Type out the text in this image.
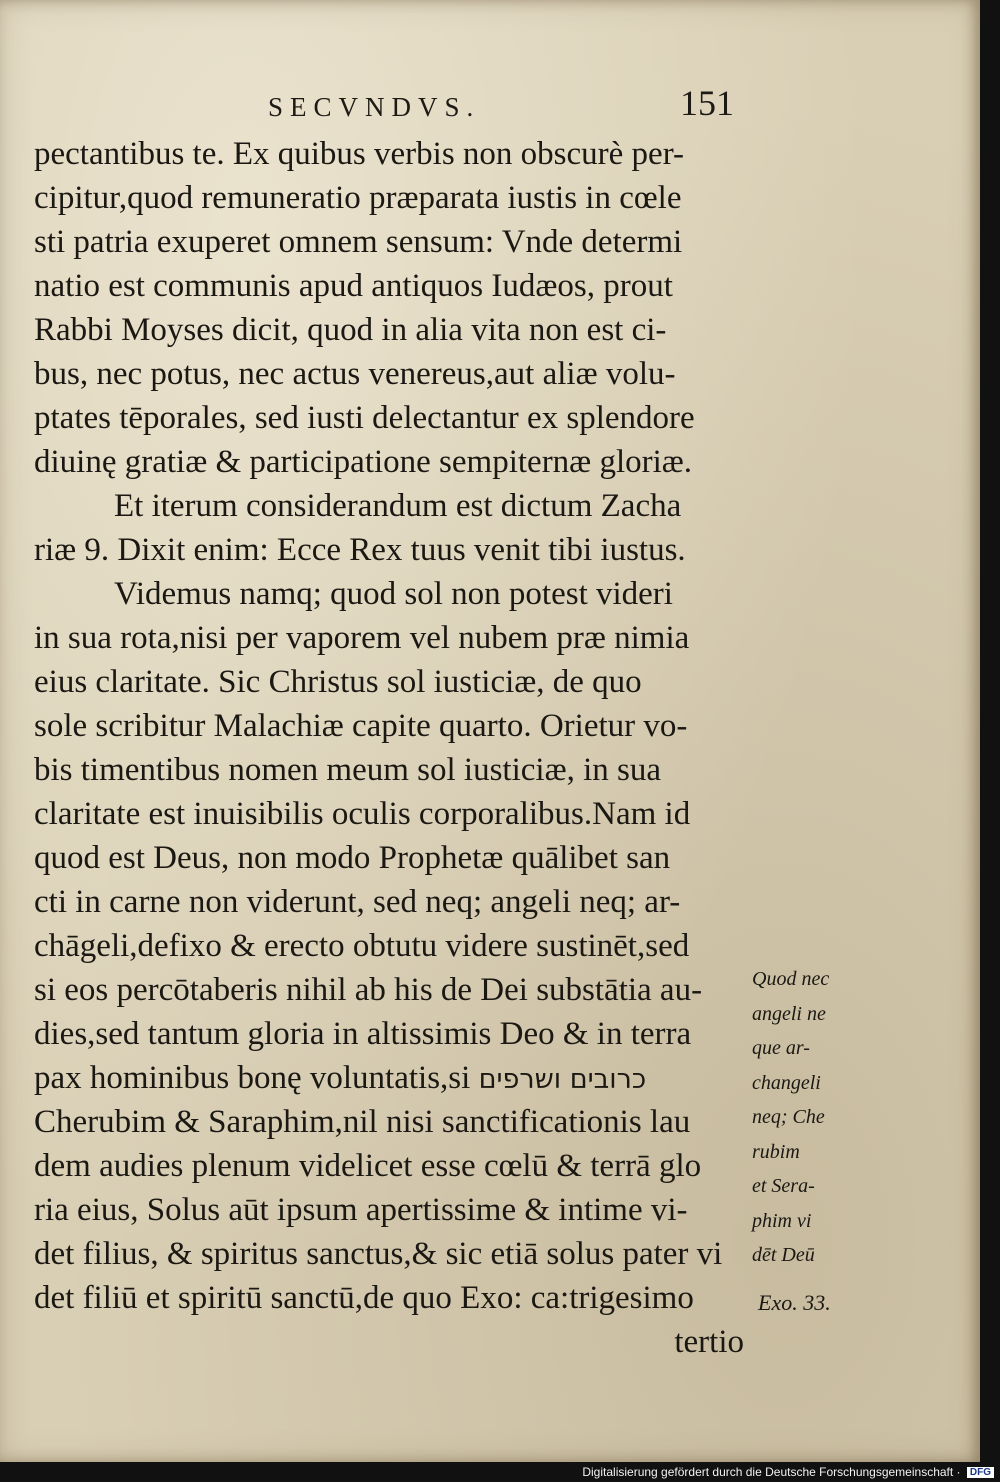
SECVNDVS.	151
pectantibus te. Ex quibus verbis non obscurè per-
cipitur,quod remuneratio præparata iustis in cœle
sti patria exuperet omnem sensum: Vnde determi
natio est communis apud antiquos Iudæos, prout
Rabbi Moyses dicit, quod in alia vita non est ci-
bus, nec potus, nec actus venereus,aut aliæ volu-
ptates tēporales, sed iusti delectantur ex splendore
diuinę gratiæ & participatione sempiternæ gloriæ.
Et iterum considerandum est dictum Zacha
riæ 9. Dixit enim: Ecce Rex tuus venit tibi iustus.
Videmus namq; quod sol non potest videri
in sua rota,nisi per vaporem vel nubem præ nimia
eius claritate. Sic Christus sol iusticiæ, de quo
sole scribitur Malachiæ capite quarto. Orietur vo-
bis timentibus nomen meum sol iusticiæ, in sua
claritate est inuisibilis oculis corporalibus.Nam id
quod est Deus, non modo Prophetæ quālibet san
cti in carne non viderunt, sed neq; angeli neq; ar-
chāgeli,defixo & erecto obtutu videre sustinēt,sed
si eos percōtaberis nihil ab his de Dei substātia au-
dies,sed tantum gloria in altissimis Deo & in terra
pax hominibus bonę voluntatis,si כרובים ושרפים
Cherubim & Saraphim,nil nisi sanctificationis lau
dem audies plenum videlicet esse cœlū & terrā glo
ria eius, Solus aūt ipsum apertissime & intime vi-
det filius, & spiritus sanctus,& sic etiā solus pater vi
det filiū et spiritū sanctū,de quo Exo: ca:trigesimo
tertio
Quod nec
angeli ne
que ar-
changeli
neq; Che
rubim
et Sera-
phim vi
dēt Deū
Exo. 33.
Digitalisierung gefördert durch die Deutsche Forschungsgemeinschaft · DFG
